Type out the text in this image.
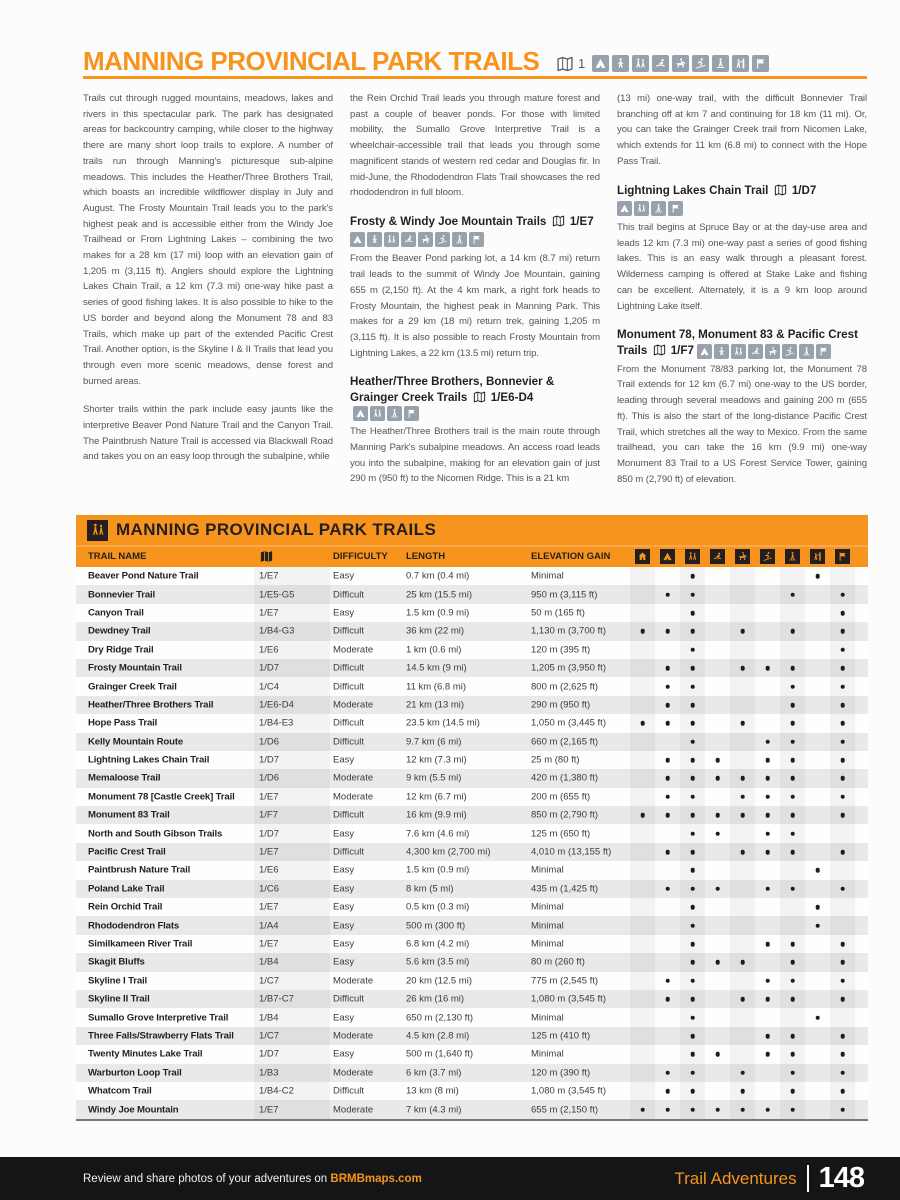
MANNING PROVINCIAL PARK TRAILS	1

Trails cut through rugged mountains, meadows, lakes and rivers in this spectacular park. The park has designated areas for backcountry camping, while closer to the highway there are many short loop trails to explore. A number of trails run through Manning's picturesque sub-alpine meadows. This includes the Heather/Three Brothers Trail, which boasts an incredible wildflower display in July and August. The Frosty Mountain Trail leads you to the park's highest peak and is accessible either from the Windy Joe Trailhead or From Lightning Lakes – combining the two makes for a 28 km (17 mi) loop with an elevation gain of 1,205 m (3,115 ft). Anglers should explore the Lightning Lakes Chain Trail, a 12 km (7.3 mi) one-way hike past a series of good fishing lakes. It is also possible to hike to the US border and beyond along the Monument 78 and 83 Trails, which make up part of the extended Pacific Crest Trail. Another option, is the Skyline I & II Trails that lead you through even more scenic meadows, dense forest and burned areas.

Shorter trails within the park include easy jaunts like the interpretive Beaver Pond Nature Trail and the Canyon Trail. The Paintbrush Nature Trail is accessed via Blackwall Road and takes you on an easy loop through the subalpine, while

the Rein Orchid Trail leads you through mature forest and past a couple of beaver ponds. For those with limited mobility, the Sumallo Grove Interpretive Trail is a wheelchair-accessible trail that leads you through some magnificent stands of western red cedar and Douglas fir. In mid-June, the Rhododendron Flats Trail showcases the red rhododendron in full bloom.

Frosty & Windy Joe Mountain Trails
1/E7

From the Beaver Pond parking lot, a 14 km (8.7 mi) return trail leads to the summit of Windy Joe Mountain, gaining 655 m (2,150 ft). At the 4 km mark, a right fork heads to Frosty Mountain, the highest peak in Manning Park. This makes for a 29 km (18 mi) return trek, gaining 1,205 m (3,115 ft). It is also possible to reach Frosty Mountain from Lightning Lakes, a 22 km (13.5 mi) return trip.

Heather/Three Brothers, Bonnevier & Grainger Creek Trails
1/E6-D4

The Heather/Three Brothers trail is the main route through Manning Park's subalpine meadows. An access road leads you into the subalpine, making for an elevation gain of just 290 m (950 ft) to the Nicomen Ridge. This is a 21 km

(13 mi) one-way trail, with the difficult Bonnevier Trail branching off at km 7 and continuing for 18 km (11 mi). Or, you can take the Grainger Creek trail from Nicomen Lake, which extends for 11 km (6.8 mi) to connect with the Hope Pass Trail.

Lightning Lakes Chain Trail
1/D7

This trail begins at Spruce Bay or at the day-use area and leads 12 km (7.3 mi) one-way past a series of good fishing lakes. This is an easy walk through a pleasant forest. Wilderness camping is offered at Stake Lake and fishing can be excellent. Alternately, it is a 9 km loop around Lightning Lake itself.

Monument 78, Monument 83 & Pacific Crest Trails
1/F7

From the Monument 78/83 parking lot, the Monument 78 Trail extends for 12 km (6.7 mi) one-way to the US border, leading through several meadows and gaining 200 m (655 ft). This is also the start of the long-distance Pacific Crest Trail, which stretches all the way to Mexico. From the same trailhead, you can take the 16 km (9.9 mi) one-way Monument 83 Trail to a US Forest Service Tower, gaining 850 m (2,790 ft) of elevation.

MANNING PROVINCIAL PARK TRAILS
TRAIL NAME	DIFFICULTY LENGTH	ELEVATION GAIN
Beaver Pond Nature Trail	1/E7	Easy	0.7 km (0.4 mi)	Minimal
Bonnevier Trail	1/E5-G5	Difficult	25 km (15.5 mi)	950 m (3,115 ft)
Canyon Trail	1/E7	Easy	1.5 km (0.9 mi)	50 m (165 ft)
Dewdney Trail	1/B4-G3	Difficult	36 km (22 mi)	1,130 m (3,700 ft)
Dry Ridge Trail	1/E6	Moderate	1 km (0.6 mi)	120 m (395 ft)
Frosty Mountain Trail	1/D7	Difficult	14.5 km (9 mi)	1,205 m (3,950 ft)
Grainger Creek Trail	1/C4	Difficult	11 km (6.8 mi)	800 m (2,625 ft)
Heather/Three Brothers Trail	1/E6-D4	Moderate	21 km (13 mi)	290 m (950 ft)
Hope Pass Trail	1/B4-E3	Difficult	23.5 km (14.5 mi)	1,050 m (3,445 ft)
Kelly Mountain Route	1/D6	Difficult	9.7 km (6 mi)	660 m (2,165 ft)
Lightning Lakes Chain Trail	1/D7	Easy	12 km (7.3 mi)	25 m (80 ft)
Memaloose Trail	1/D6	Moderate	9 km (5.5 mi)	420 m (1,380 ft)
Monument 78 [Castle Creek] Trail	1/E7	Moderate	12 km (6.7 mi)	200 m (655 ft)
Monument 83 Trail	1/F7	Difficult	16 km (9.9 mi)	850 m (2,790 ft)
North and South Gibson Trails	1/D7	Easy	7.6 km (4.6 mi)	125 m (650 ft)
Pacific Crest Trail	1/E7	Difficult	4,300 km (2,700 mi)	4,010 m (13,155 ft)
Paintbrush Nature Trail	1/E6	Easy	1.5 km (0.9 mi)	Minimal
Poland Lake Trail	1/C6	Easy	8 km (5 mi)	435 m (1,425 ft)
Rein Orchid Trail	1/E7	Easy	0.5 km (0.3 mi)	Minimal
Rhododendron Flats	1/A4	Easy	500 m (300 ft)	Minimal
Similkameen River Trail	1/E7	Easy	6.8 km (4.2 mi)	Minimal
Skagit Bluffs	1/B4	Easy	5.6 km (3.5 mi)	80 m (260 ft)
Skyline I Trail	1/C7	Moderate	20 km (12.5 mi)	775 m (2,545 ft)
Skyline II Trail	1/B7-C7	Difficult	26 km (16 mi)	1,080 m (3,545 ft)
Sumallo Grove Interpretive Trail	1/B4	Easy	650 m (2,130 ft)	Minimal
Three Falls/Strawberry Flats Trail	1/C7	Moderate	4.5 km (2.8 mi)	125 m (410 ft)
Twenty Minutes Lake Trail	1/D7	Easy	500 m (1,640 ft)	Minimal
Warburton Loop Trail	1/B3	Moderate	6 km (3.7 mi)	120 m (390 ft)
Whatcom Trail	1/B4-C2	Difficult	13 km (8 mi)	1,080 m (3,545 ft)
Windy Joe Mountain	1/E7	Moderate	7 km (4.3 mi)	655 m (2,150 ft)
Review and share photos of your adventures on BRMBmaps.com	Trail Adventures 148
